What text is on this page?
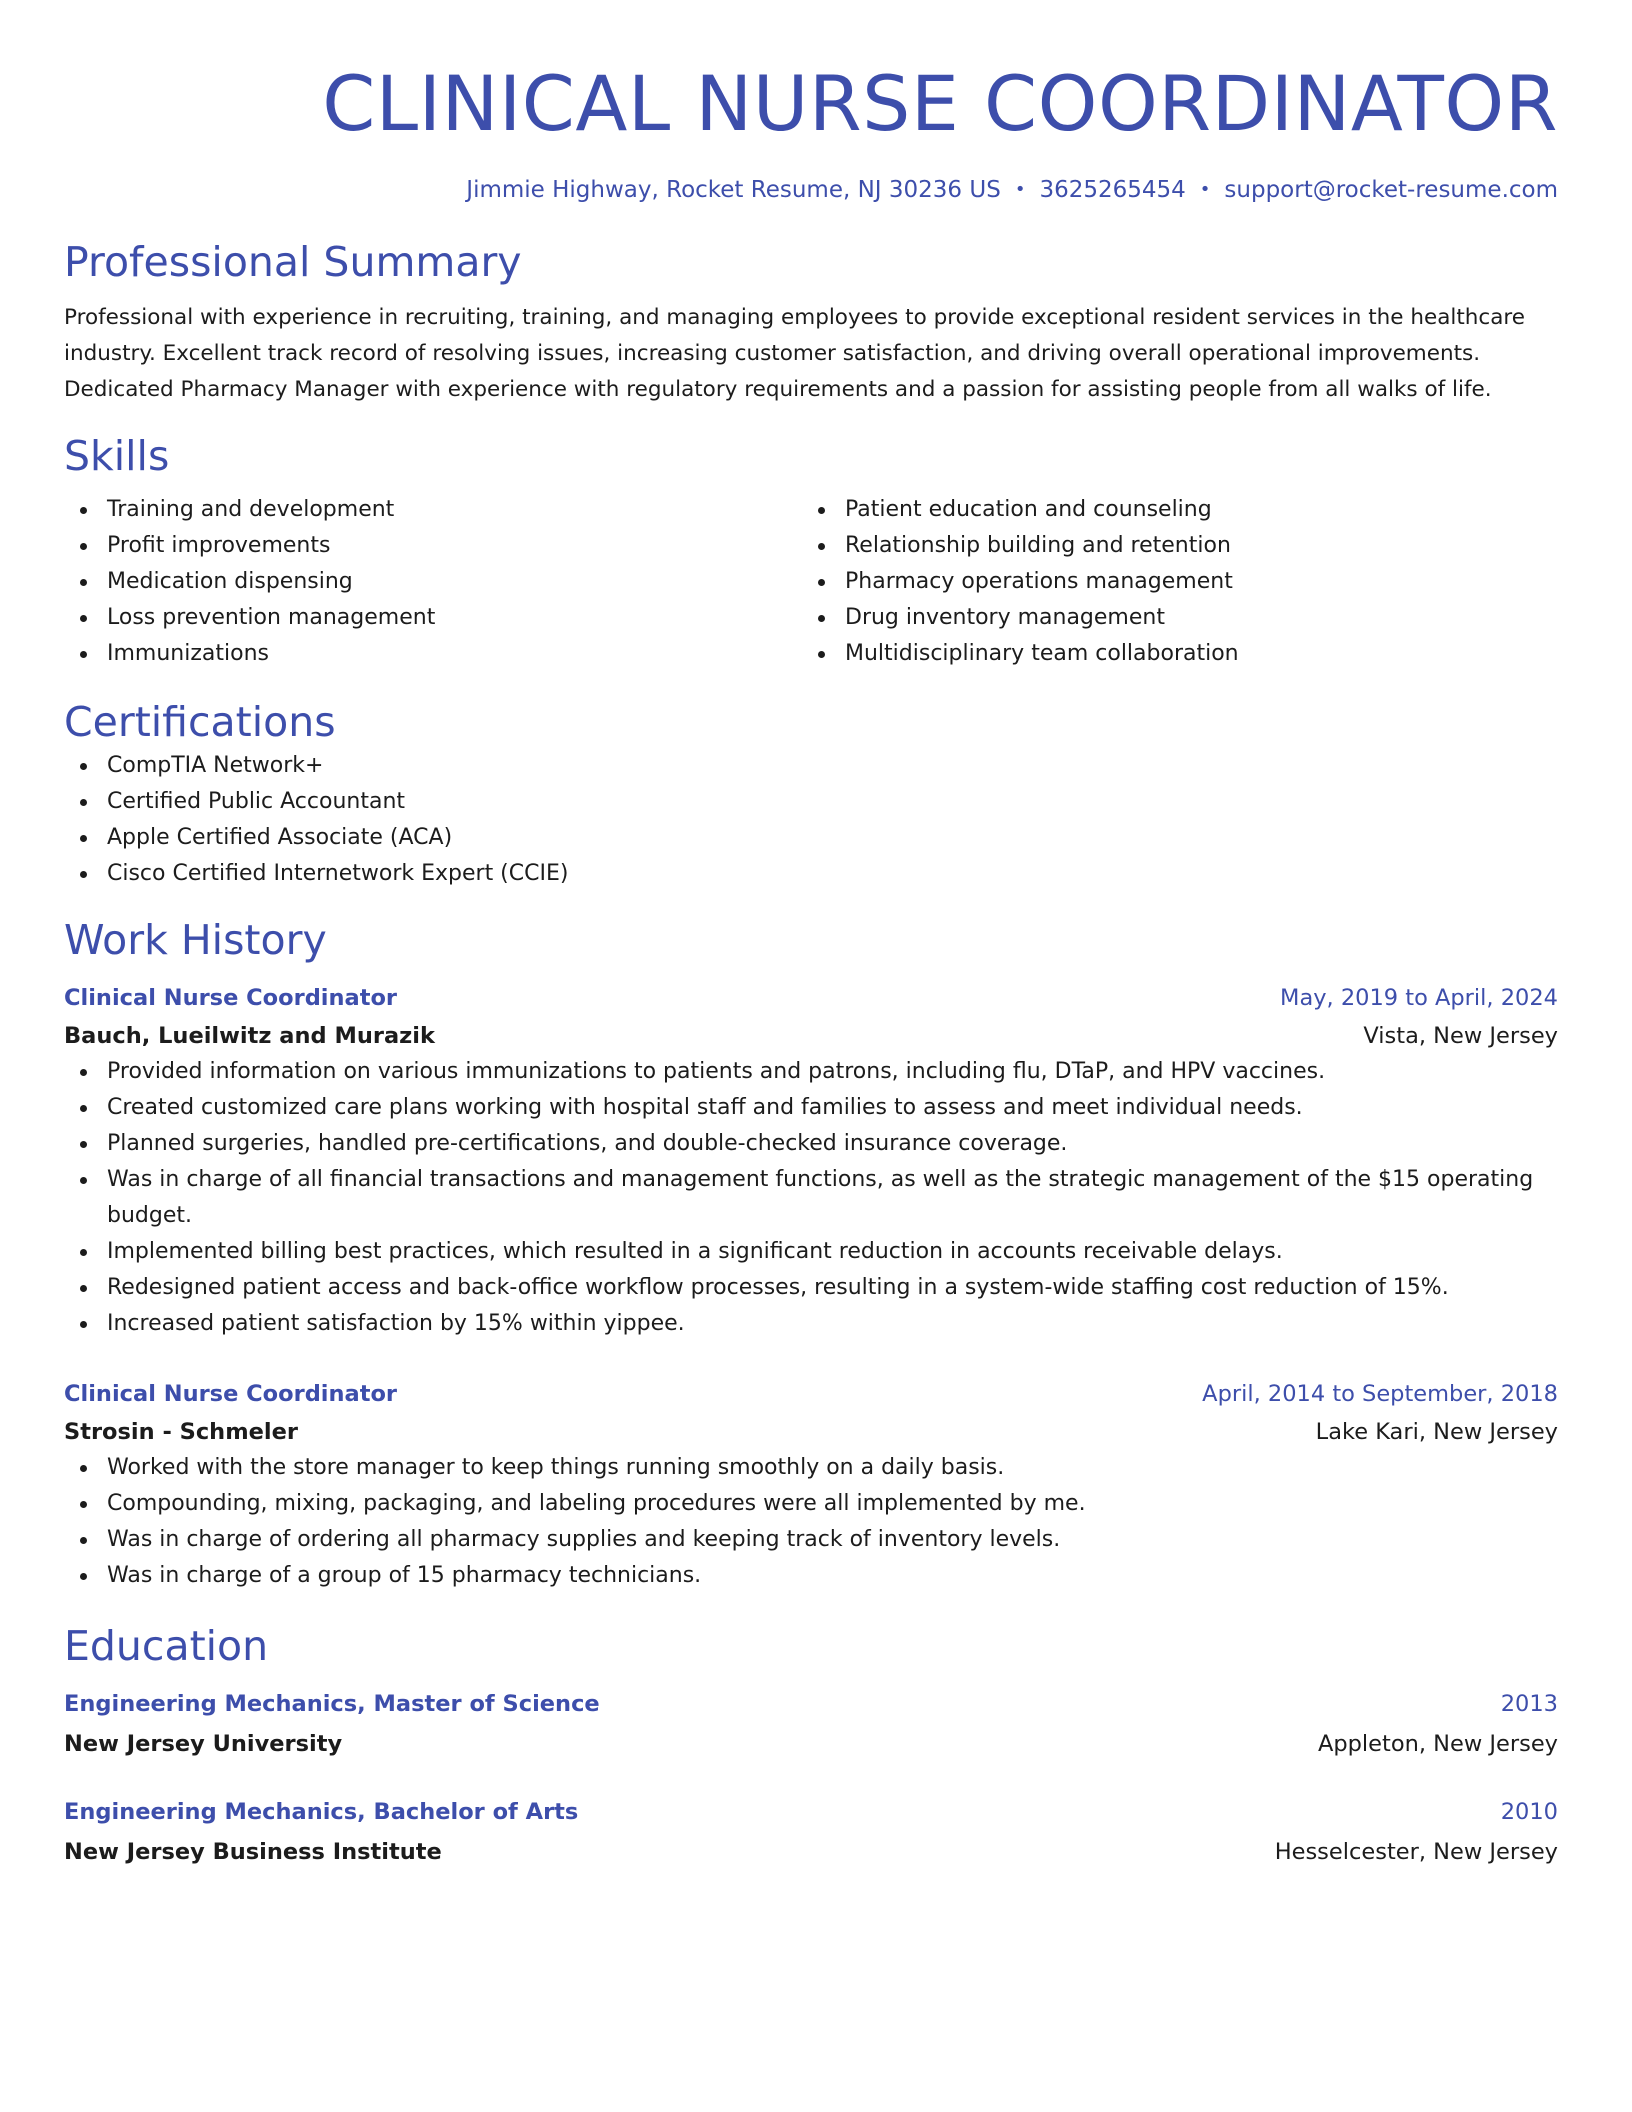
CLINICAL NURSE COORDINATOR
Jimmie Highway, Rocket Resume, NJ 30236 US • 3625265454 • support@rocket-resume.com
Professional Summary

Professional with experience in recruiting, training, and managing employees to provide exceptional resident services in the healthcare industry. Excellent track record of resolving issues, increasing customer satisfaction, and driving overall operational improvements. Dedicated Pharmacy Manager with experience with regulatory requirements and a passion for assisting people from all walks of life.

Skills
Training and development
Profit improvements
Medication dispensing
Loss prevention management
Immunizations
Patient education and counseling
Relationship building and retention
Pharmacy operations management
Drug inventory management
Multidisciplinary team collaboration
Certifications
CompTIA Network+
Certified Public Accountant
Apple Certified Associate (ACA)
Cisco Certified Internetwork Expert (CCIE)
Work History
Clinical Nurse Coordinator	May, 2019 to April, 2024
Bauch, Lueilwitz and Murazik	Vista, New Jersey
Provided information on various immunizations to patients and patrons, including flu, DTaP, and HPV vaccines.
Created customized care plans working with hospital staff and families to assess and meet individual needs.
Planned surgeries, handled pre-certifications, and double-checked insurance coverage.
Was in charge of all financial transactions and management functions, as well as the strategic management of the $15 operating budget.
Implemented billing best practices, which resulted in a significant reduction in accounts receivable delays.
Redesigned patient access and back-office workflow processes, resulting in a system-wide staffing cost reduction of 15%.
Increased patient satisfaction by 15% within yippee.
Clinical Nurse Coordinator	April, 2014 to September, 2018
Strosin - Schmeler	Lake Kari, New Jersey
Worked with the store manager to keep things running smoothly on a daily basis.
Compounding, mixing, packaging, and labeling procedures were all implemented by me.
Was in charge of ordering all pharmacy supplies and keeping track of inventory levels.
Was in charge of a group of 15 pharmacy technicians.
Education
Engineering Mechanics, Master of Science	2013
New Jersey University	Appleton, New Jersey
Engineering Mechanics, Bachelor of Arts	2010
New Jersey Business Institute	Hesselcester, New Jersey
